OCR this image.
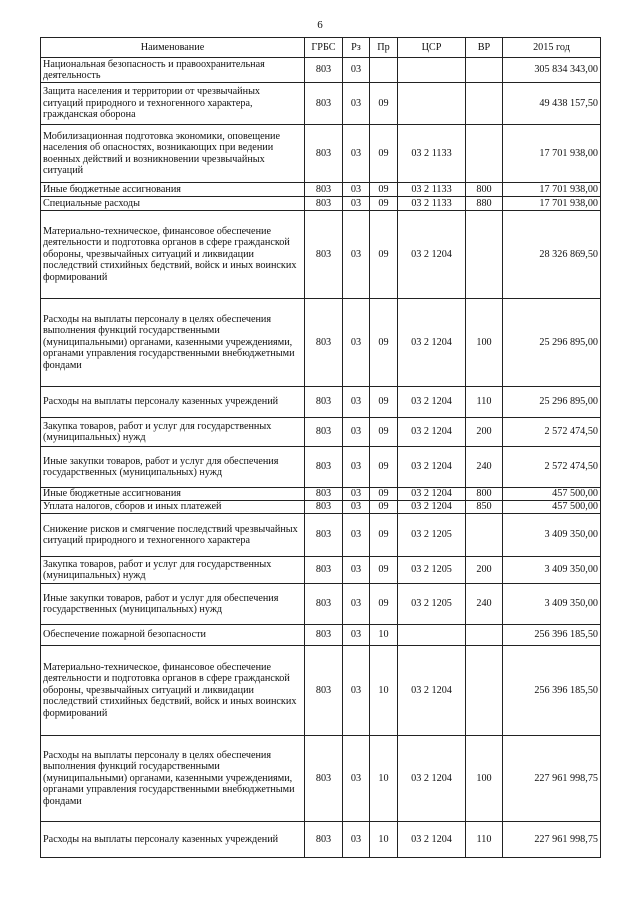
6
Наименование	ГРБС	Рз	Пр	ЦСР	ВР	2015 год
Национальная безопасность и правоохранительная деятельность	803	03				305 834 343,00
Защита населения и территории от чрезвычайных ситуаций природного и техногенного характера, гражданская оборона	803	03	09			49 438 157,50
Мобилизационная подготовка экономики, оповещение населения об опасностях, возникающих при ведении военных действий и возникновении чрезвычайных ситуаций	803	03	09	03 2 1133		17 701 938,00
Иные бюджетные ассигнования	803	03	09	03 2 1133	800	17 701 938,00
Специальные расходы	803	03	09	03 2 1133	880	17 701 938,00
Материально-техническое, финансовое обеспечение деятельности и подготовка органов в сфере гражданской обороны, чрезвычайных ситуаций и ликвидации последствий стихийных бедствий, войск и иных воинских формирований	803	03	09	03 2 1204		28 326 869,50
Расходы на выплаты персоналу в целях обеспечения выполнения функций государственными (муниципальными) органами, казенными учреждениями, органами управления государственными внебюджетными фондами	803	03	09	03 2 1204	100	25 296 895,00
Расходы на выплаты персоналу казенных учреждений	803	03	09	03 2 1204	110	25 296 895,00
Закупка товаров, работ и услуг для государственных (муниципальных) нужд	803	03	09	03 2 1204	200	2 572 474,50
Иные закупки товаров, работ и услуг для обеспечения государственных (муниципальных) нужд	803	03	09	03 2 1204	240	2 572 474,50
Иные бюджетные ассигнования	803	03	09	03 2 1204	800	457 500,00
Уплата налогов, сборов и иных платежей	803	03	09	03 2 1204	850	457 500,00
Снижение рисков и смягчение последствий чрезвычайных ситуаций природного и техногенного характера	803	03	09	03 2 1205		3 409 350,00
Закупка товаров, работ и услуг для государственных (муниципальных) нужд	803	03	09	03 2 1205	200	3 409 350,00
Иные закупки товаров, работ и услуг для обеспечения государственных (муниципальных) нужд	803	03	09	03 2 1205	240	3 409 350,00
Обеспечение пожарной безопасности	803	03	10			256 396 185,50
Материально-техническое, финансовое обеспечение деятельности и подготовка органов в сфере гражданской обороны, чрезвычайных ситуаций и ликвидации последствий стихийных бедствий, войск и иных воинских формирований	803	03	10	03 2 1204		256 396 185,50
Расходы на выплаты персоналу в целях обеспечения выполнения функций государственными (муниципальными) органами, казенными учреждениями, органами управления государственными внебюджетными фондами	803	03	10	03 2 1204	100	227 961 998,75
Расходы на выплаты персоналу казенных учреждений	803	03	10	03 2 1204	110	227 961 998,75
